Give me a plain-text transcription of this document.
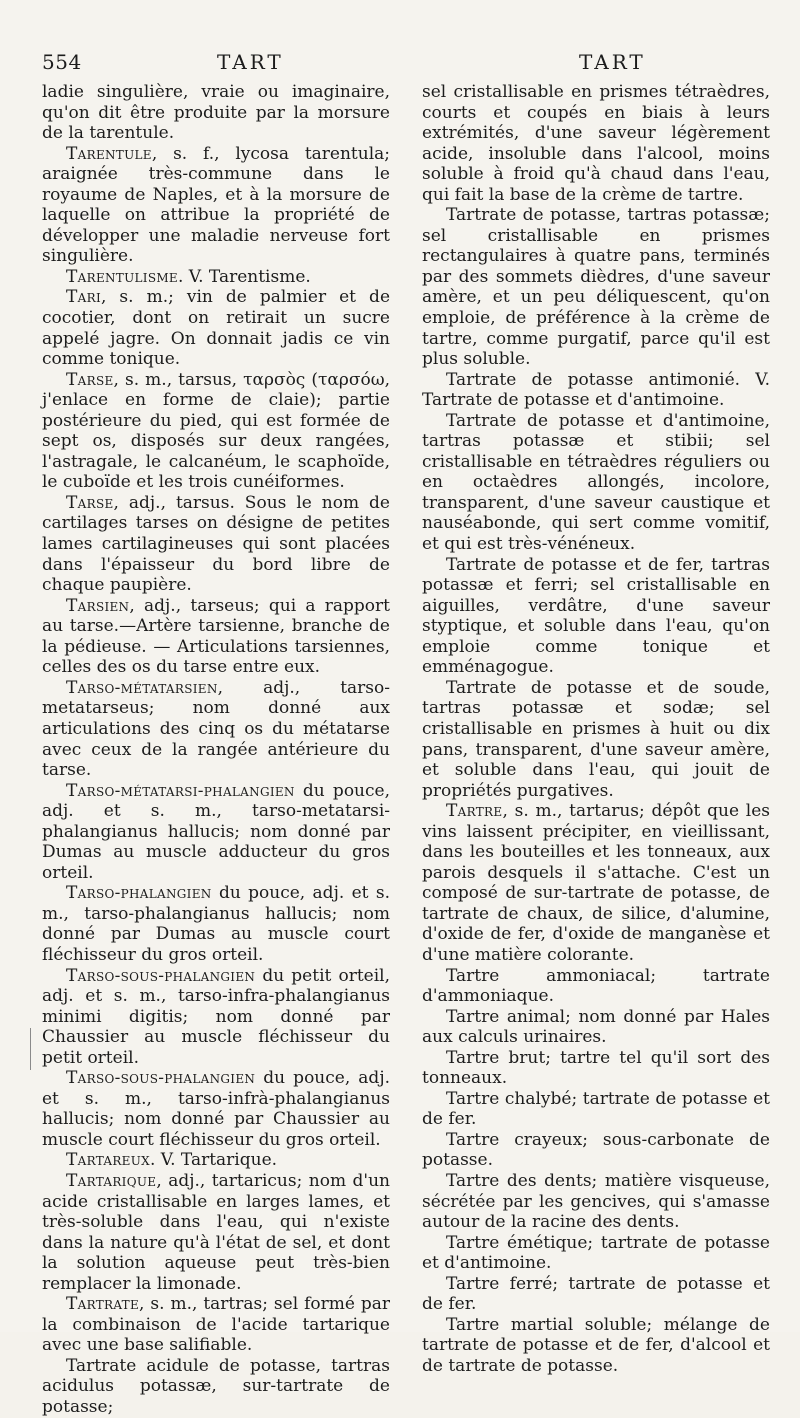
554	TART	TART

ladie singulière, vraie ou imaginaire, qu'on dit être produite par la morsure de la tarentule.

Tarentule, s. f., lycosa tarentula; araignée très-commune dans le royaume de Naples, et à la morsure de laquelle on attribue la propriété de développer une maladie nerveuse fort singulière.

Tarentulisme. V. Tarentisme.

Tari, s. m.; vin de palmier et de cocotier, dont on retirait un sucre appelé jagre. On donnait jadis ce vin comme tonique.

Tarse, s. m., tarsus, ταρσὸς (ταρσόω, j'enlace en forme de claie); partie postérieure du pied, qui est formée de sept os, disposés sur deux rangées, l'astragale, le calcanéum, le scaphoïde, le cuboïde et les trois cunéiformes.

Tarse, adj., tarsus. Sous le nom de cartilages tarses on désigne de petites lames cartilagineuses qui sont placées dans l'épaisseur du bord libre de chaque paupière.

Tarsien, adj., tarseus; qui a rapport au tarse.—Artère tarsienne, branche de la pédieuse. — Articulations tarsiennes, celles des os du tarse entre eux.

Tarso-métatarsien, adj., tarso-metatarseus; nom donné aux articulations des cinq os du métatarse avec ceux de la rangée antérieure du tarse.

Tarso-métatarsi-phalangien du pouce, adj. et s. m., tarso-metatarsi-phalangianus hallucis; nom donné par Dumas au muscle adducteur du gros orteil.

Tarso-phalangien du pouce, adj. et s. m., tarso-phalangianus hallucis; nom donné par Dumas au muscle court fléchisseur du gros orteil.

Tarso-sous-phalangien du petit orteil, adj. et s. m., tarso-infra-phalangianus minimi digitis; nom donné par Chaussier au muscle fléchisseur du petit orteil.

Tarso-sous-phalangien du pouce, adj. et s. m., tarso-infrà-phalangianus hallucis; nom donné par Chaussier au muscle court fléchisseur du gros orteil.

Tartareux. V. Tartarique.

Tartarique, adj., tartaricus; nom d'un acide cristallisable en larges lames, et très-soluble dans l'eau, qui n'existe dans la nature qu'à l'état de sel, et dont la solution aqueuse peut très-bien remplacer la limonade.

Tartrate, s. m., tartras; sel formé par la combinaison de l'acide tartarique avec une base salifiable.

Tartrate acidule de potasse, tartras acidulus potassæ, sur-tartrate de potasse;

sel cristallisable en prismes tétraèdres, courts et coupés en biais à leurs extrémités, d'une saveur légèrement acide, insoluble dans l'alcool, moins soluble à froid qu'à chaud dans l'eau, qui fait la base de la crème de tartre.

Tartrate de potasse, tartras potassæ; sel cristallisable en prismes rectangulaires à quatre pans, terminés par des sommets dièdres, d'une saveur amère, et un peu déliquescent, qu'on emploie, de préférence à la crème de tartre, comme purgatif, parce qu'il est plus soluble.

Tartrate de potasse antimonié. V. Tartrate de potasse et d'antimoine.

Tartrate de potasse et d'antimoine, tartras potassæ et stibii; sel cristallisable en tétraèdres réguliers ou en octaèdres allongés, incolore, transparent, d'une saveur caustique et nauséabonde, qui sert comme vomitif, et qui est très-vénéneux.

Tartrate de potasse et de fer, tartras potassæ et ferri; sel cristallisable en aiguilles, verdâtre, d'une saveur styptique, et soluble dans l'eau, qu'on emploie comme tonique et emménagogue.

Tartrate de potasse et de soude, tartras potassæ et sodæ; sel cristallisable en prismes à huit ou dix pans, transparent, d'une saveur amère, et soluble dans l'eau, qui jouit de propriétés purgatives.

Tartre, s. m., tartarus; dépôt que les vins laissent précipiter, en vieillissant, dans les bouteilles et les tonneaux, aux parois desquels il s'attache. C'est un composé de sur-tartrate de potasse, de tartrate de chaux, de silice, d'alumine, d'oxide de fer, d'oxide de manganèse et d'une matière colorante.

Tartre ammoniacal; tartrate d'ammoniaque.

Tartre animal; nom donné par Hales aux calculs urinaires.

Tartre brut; tartre tel qu'il sort des tonneaux.

Tartre chalybé; tartrate de potasse et de fer.

Tartre crayeux; sous-carbonate de potasse.

Tartre des dents; matière visqueuse, sécrétée par les gencives, qui s'amasse autour de la racine des dents.

Tartre émétique; tartrate de potasse et d'antimoine.

Tartre ferré; tartrate de potasse et de fer.

Tartre martial soluble; mélange de tartrate de potasse et de fer, d'alcool et de tartrate de potasse.
